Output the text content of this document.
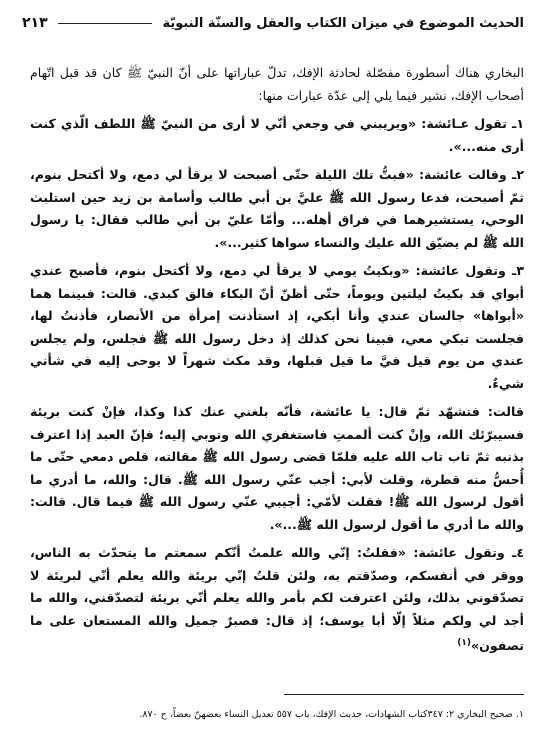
الحديث الموضوع في ميزان الكتاب والعقل والسنّة النبويّة
٢١٣

البخاري هناك أسطورة مفصّلة لحادثة الإفك، تدلّ عباراتها على أنّ النبيّ ﷺ كان قد قبل اتّهام أصحاب الإفك، نشير فيما يلي إلى عدّة عبارات منها:

١ـ تقول عـائشة: «ويريبني في وجعي أنّي لا أرى من النبيّ ﷺ اللطف الّذي كنت أرى منه...».

٢ـ وقالت عائشة: «فبتُّ تلك الليلة حتّى أصبحت لا يرقأ لي دمع، ولا أكتحل بنوم، ثمّ أصبحت، فدعا رسول الله ﷺ عليَّ بن أبي طالب وأسامة بن زيد حين استلبث الوحي، يستشيرهما في فراق أهله... وأمّا عليّ بن أبي طالب فقال: يا رسول الله ﷺ لم يضيّق الله عليك والنساء سواها كثير...».

٣ـ وتقول عائشة: «وبكيتُ يومي لا يرقأ لي دمع، ولا أكتحل بنوم، فأصبح عندي أبواي قد بكيتُ ليلتين ويوماً، حتّى أظنّ أنّ البكاء فالق كبدي. قالت: فبينما هما «أبواها» جالسان عندي وأنا أبكي، إذ استأذنت إمرأة من الأنصار، فأذنتُ لها، فجلست تبكي معي، فبينا نحن كذلك إذ دخل رسول الله ﷺ فجلس، ولم يجلس عندي من يوم قيل فيَّ ما قيل قبلها، وقد مكث شهراً لا يوحى إليه في شأني شيءٌ.

قالت: فتشهّد ثمّ قال: يا عائشة، فأنّه بلغني عنك كذا وكذا، فإنْ كنت بريئة فسيبرّئك الله، وإنْ كنت ألممتِ فاستغفري الله وتوبي إليه؛ فإنّ العبد إذا اعترف بذنبه ثمّ تاب تاب الله عليه فلمّا قضى رسول الله ﷺ مقالته، قلص دمعي حتّى ما أُحسُّ منه قطرة، وقلت لأبي: أجب عنّي رسول الله ﷺ. قال: والله، ما أدري ما أقول لرسول الله ﷺ! فقلت لأمّي: أجيبي عنّي رسول الله ﷺ فيما قال. قالت: والله ما أدري ما أقول لرسول الله ﷺ...».

٤ـ وتقول عائشة: «فقلتُ: إنّي والله علمتُ أنّكم سمعتم ما يتحدّث به الناس، ووقر في أنفسكم، وصدّقتم به، ولئن قلتُ إنّي بريئة والله يعلم أنّي لبريئة لا تصدّقوني بذلك، ولئن اعترفت لكم بأمر والله يعلم أنّي بريئة لتصدّقني، والله ما أجد لي ولكم مثلاً إلّا أبا يوسف؛ إذ قال: فصبرٌ جميل والله المستعان على ما تصفون»$^{(١)}$

١. صحيح البخاري ٢: ٣٤٧كتاب الشهادات، حديث الإفك، باب ٥٥٧ تعديل النساء بعضهنّ بعضاً، ح ٨٧٠.
